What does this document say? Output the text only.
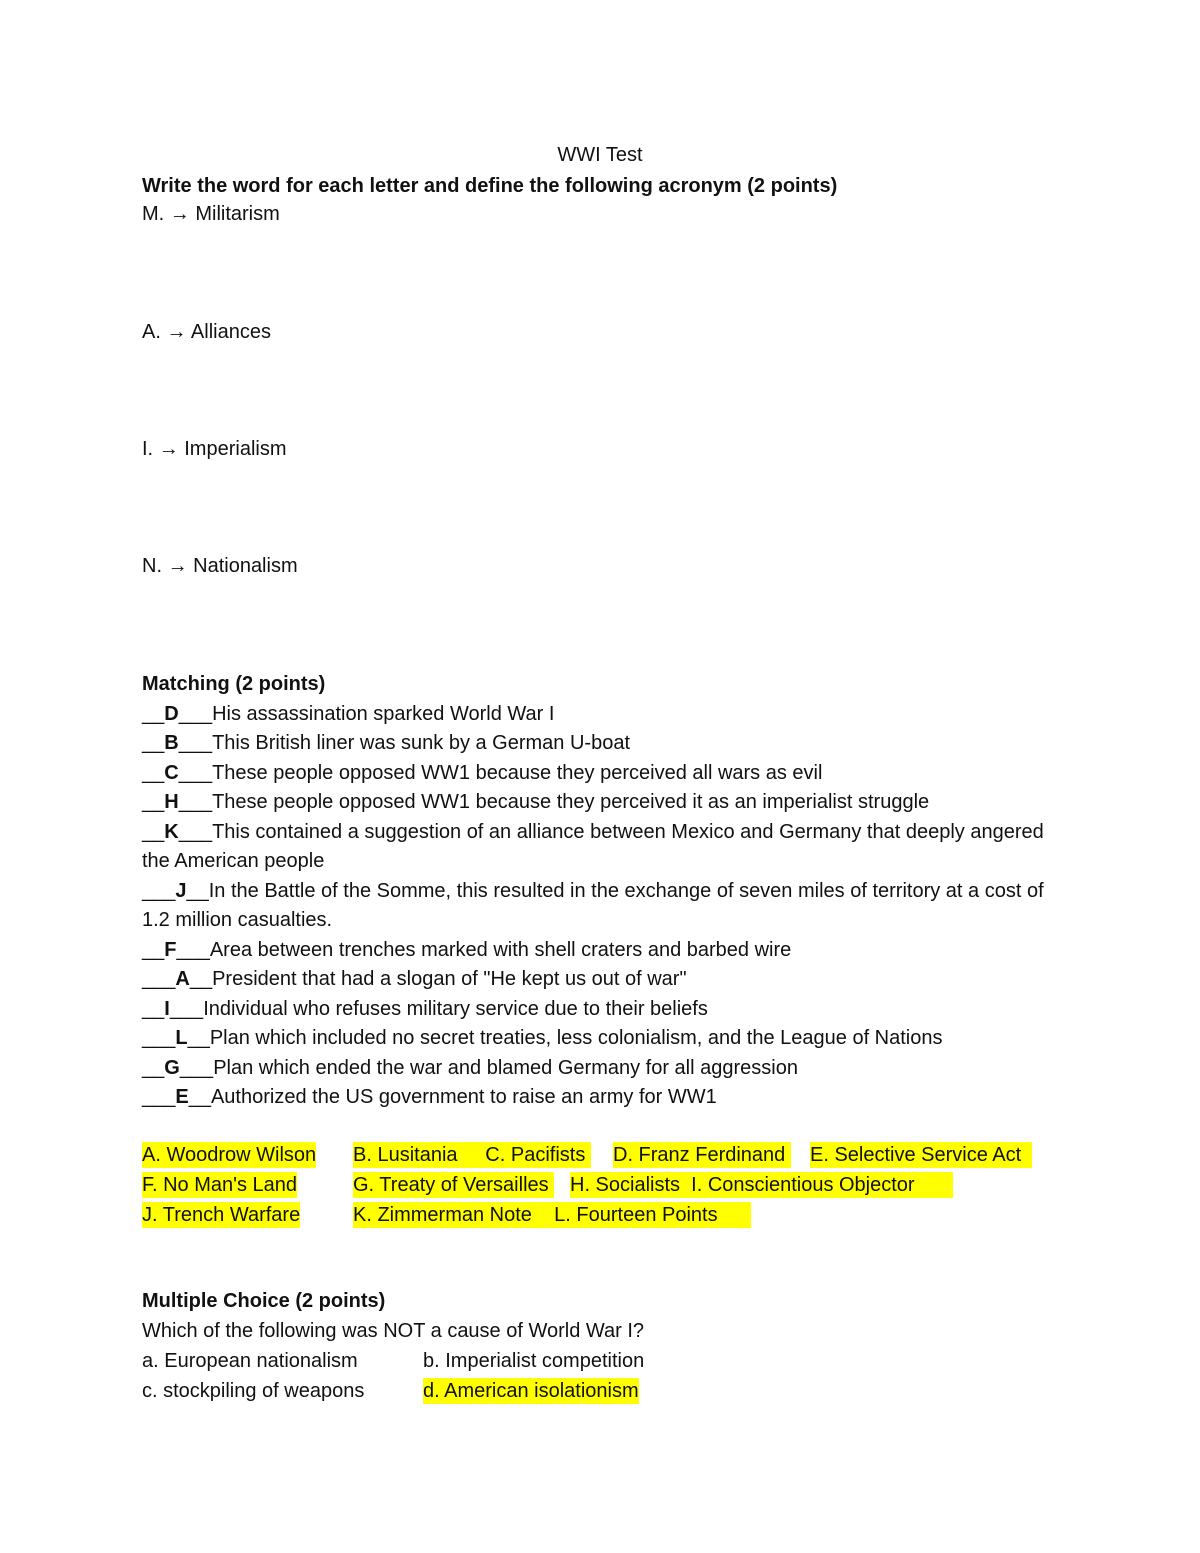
WWI Test
Write the word for each letter and define the following acronym (2 points)
M. → Militarism
A. → Alliances
I. → Imperialism
N. → Nationalism
Matching (2 points)
__D___His assassination sparked World War I
__B___This British liner was sunk by a German U-boat
__C___These people opposed WW1 because they perceived all wars as evil
__H___These people opposed WW1 because they perceived it as an imperialist struggle
__K___This contained a suggestion of an alliance between Mexico and Germany that deeply angered the American people
___J__In the Battle of the Somme, this resulted in the exchange of seven miles of territory at a cost of 1.2 million casualties.
__F___Area between trenches marked with shell craters and barbed wire
___A__President that had a slogan of "He kept us out of war"
__I___Individual who refuses military service due to their beliefs
___L__Plan which included no secret treaties, less colonialism, and the League of Nations
__G___Plan which ended the war and blamed Germany for all aggression
___E__Authorized the US government to raise an army for WW1
A. Woodrow Wilson B. Lusitania     C. Pacifists D. Franz Ferdinand E. Selective Service Act
F. No Man's Land	G. Treaty of Versailles H. Socialists  I. Conscientious Objector
J. Trench Warfare	K. Zimmerman Note    L. Fourteen Points
Multiple Choice (2 points)
Which of the following was NOT a cause of World War I?
a. European nationalism	b. Imperialist competition
c. stockpiling of weapons	d. American isolationism
